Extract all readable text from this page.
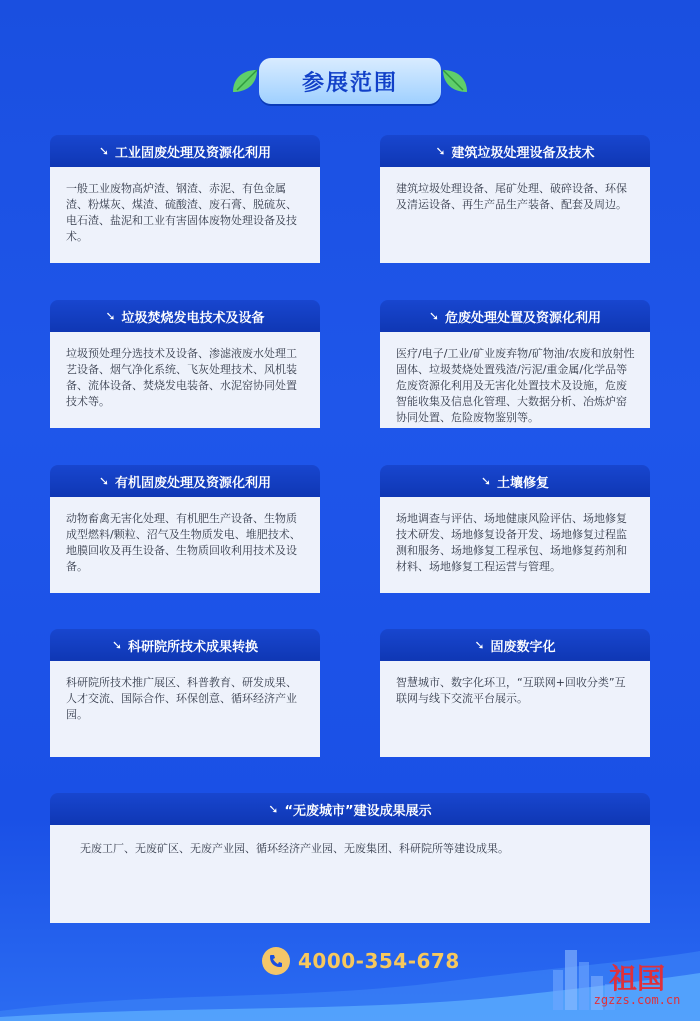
参展范围
➘ 工业固废处理及资源化利用
一般工业废物高炉渣、钢渣、赤泥、有色金属渣、粉煤灰、煤渣、硫酸渣、废石膏、脱硫灰、电石渣、盐泥和工业有害固体废物处理设备及技术。
➘ 建筑垃圾处理设备及技术
建筑垃圾处理设备、尾矿处理、破碎设备、环保及清运设备、再生产品生产装备、配套及周边。
➘ 垃圾焚烧发电技术及设备
垃圾预处理分选技术及设备、渗滤液废水处理工艺设备、烟气净化系统、飞灰处理技术、风机装备、流体设备、焚烧发电装备、水泥窑协同处置技术等。
➘ 危废处理处置及资源化利用
医疗/电子/工业/矿业废弃物/矿物油/农废和放射性固体、垃圾焚烧处置残渣/污泥/重金属/化学品等危废资源化利用及无害化处置技术及设施，危废智能收集及信息化管理、大数据分析、冶炼炉窑协同处置、危险废物鉴别等。
➘ 有机固废处理及资源化利用
动物畜禽无害化处理、有机肥生产设备、生物质成型燃料/颗粒、沼气及生物质发电、堆肥技术、地膜回收及再生设备、生物质回收利用技术及设备。
➘ 土壤修复
场地调查与评估、场地健康风险评估、场地修复技术研发、场地修复设备开发、场地修复过程监测和服务、场地修复工程承包、场地修复药剂和材料、场地修复工程运营与管理。
➘ 科研院所技术成果转换
科研院所技术推广展区、科普教育、研发成果、人才交流、国际合作、环保创意、循环经济产业园。
➘ 固废数字化
智慧城市、数字化环卫，“互联网+回收分类”互联网与线下交流平台展示。
➘ “无废城市”建设成果展示
无废工厂、无废矿区、无废产业园、循环经济产业园、无废集团、科研院所等建设成果。
4000-354-678
祖国
zgzzs.com.cn
